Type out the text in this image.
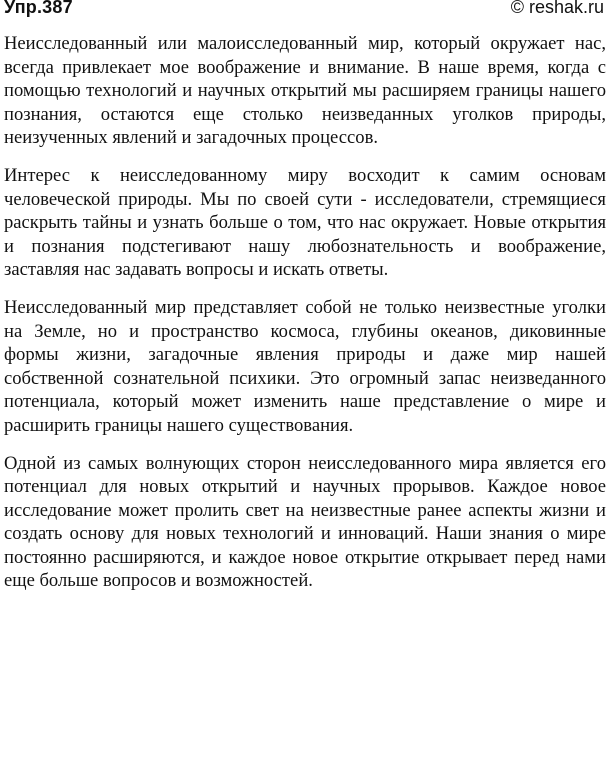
Упр.387	© reshak.ru

Неисследованный или малоисследованный мир, который окружает нас, всегда привлекает мое воображение и внимание. В наше время, когда с помощью технологий и научных открытий мы расширяем границы нашего познания, остаются еще столько неизведанных уголков природы, неизученных явлений и загадочных процессов.

Интерес к неисследованному миру восходит к самим основам человеческой природы. Мы по своей сути - исследователи, стремящиеся раскрыть тайны и узнать больше о том, что нас окружает. Новые открытия и познания подстегивают нашу любознательность и воображение, заставляя нас задавать вопросы и искать ответы.

Неисследованный мир представляет собой не только неизвестные уголки на Земле, но и пространство космоса, глубины океанов, диковинные формы жизни, загадочные явления природы и даже мир нашей собственной сознательной психики. Это огромный запас неизведанного потенциала, который может изменить наше представление о мире и расширить границы нашего существования.

Одной из самых волнующих сторон неисследованного мира является его потенциал для новых открытий и научных прорывов. Каждое новое исследование может пролить свет на неизвестные ранее аспекты жизни и создать основу для новых технологий и инноваций. Наши знания о мире постоянно расширяются, и каждое новое открытие открывает перед нами еще больше вопросов и возможностей.
